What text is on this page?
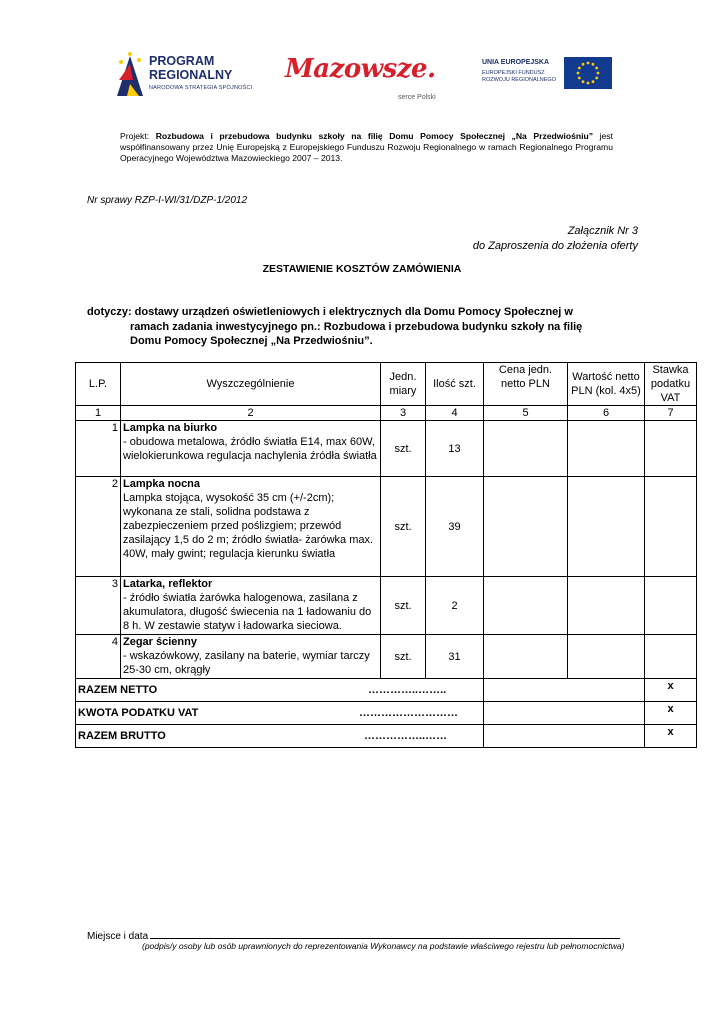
PROGRAM
REGIONALNY
NARODOWA STRATEGIA SPÓJNOŚCI
Mazowsze.
serce Polski
UNIA EUROPEJSKA
EUROPEJSKI FUNDUSZ
ROZWOJU REGIONALNEGO
Projekt: Rozbudowa i przebudowa budynku szkoły na filię Domu Pomocy Społecznej „Na Przedwiośniu” jest współfinansowany przez Unię Europejską z Europejskiego Funduszu Rozwoju Regionalnego w ramach Regionalnego Programu Operacyjnego Województwa Mazowieckiego 2007 – 2013.
Nr sprawy RZP-I-WI/31/DZP-1/2012
Załącznik Nr 3
do Zaproszenia do złożenia oferty
ZESTAWIENIE KOSZTÓW ZAMÓWIENIA
dotyczy: dostawy urządzeń oświetleniowych i elektrycznych dla Domu Pomocy Społecznej w
ramach zadania inwestycyjnego pn.: Rozbudowa i przebudowa budynku szkoły na filię
Domu Pomocy Społecznej „Na Przedwiośniu”.
L.P.	Wyszczególnienie	Jedn. miary	Ilość szt.	Cena jedn. netto PLN	Wartość netto PLN (kol. 4x5)	Stawka podatku VAT
1	2	3	4	5	6	7
1	Lampka na biurko
- obudowa metalowa, źródło światła E14, max 60W, wielokierunkowa regulacja nachylenia źródła światła	szt.	13			
2	Lampka nocna
Lampka stojąca, wysokość 35 cm (+/-2cm); wykonana ze stali, solidna podstawa z zabezpieczeniem przed poślizgiem; przewód zasilający 1,5 do 2 m; źródło światła- żarówka max. 40W, mały gwint; regulacja kierunku światła	szt.	39			
3	Latarka, reflektor
- źródło światła żarówka halogenowa, zasilana z akumulatora, długość świecenia na 1 ładowaniu do 8 h. W zestawie statyw i ładowarka sieciowa.	szt.	2			
4	Zegar ścienny
- wskazówkowy, zasilany na baterie, wymiar tarczy 25-30 cm, okrągły	szt.	31			
RAZEM NETTO …………..……..						x
KWOTA PODATKU VAT ………………………						x
RAZEM BRUTTO ……………..……						x
Miejsce i data
(podpis/y osoby lub osób uprawnionych do reprezentowania Wykonawcy na podstawie właściwego rejestru lub pełnomocnictwa)
